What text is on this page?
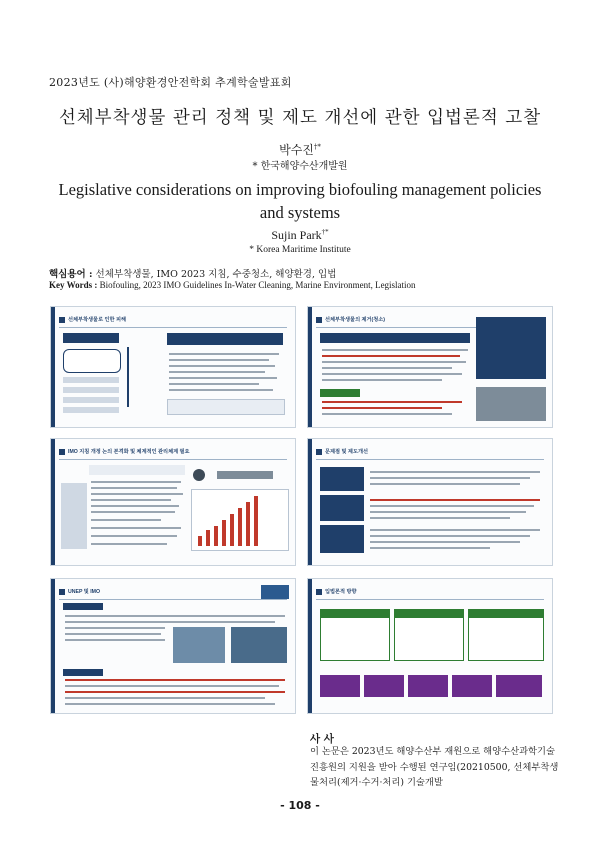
2023년도 (사)해양환경안전학회 추계학술발표회
선체부착생물 관리 정책 및 제도 개선에 관한 입법론적 고찰
박수진†*
* 한국해양수산개발원
Legislative considerations on improving biofouling management policies and systems
Sujin Park†*
* Korea Maritime Institute
핵심용어 : 선체부착생물, IMO 2023 지침, 수중청소, 해양환경, 입법
Key Words : Biofouling, 2023 IMO Guidelines In-Water Cleaning, Marine Environment, Legislation
선체부착생물로 인한 피해	선체부착생물의 제거(청소)
IMO 지침 개정 논의 본격화 및 체계적인 관리체계 필요	문제점 및 제도개선
UNEP 및 IMO	입법론적 방향
사 사
이 논문은 2023년도 해양수산부 재원으로 해양수산과학기술진흥원의 지원을 받아 수행된 연구임(20210500, 선체부착생물처리(제거·수거·처리) 기술개발
- 108 -
